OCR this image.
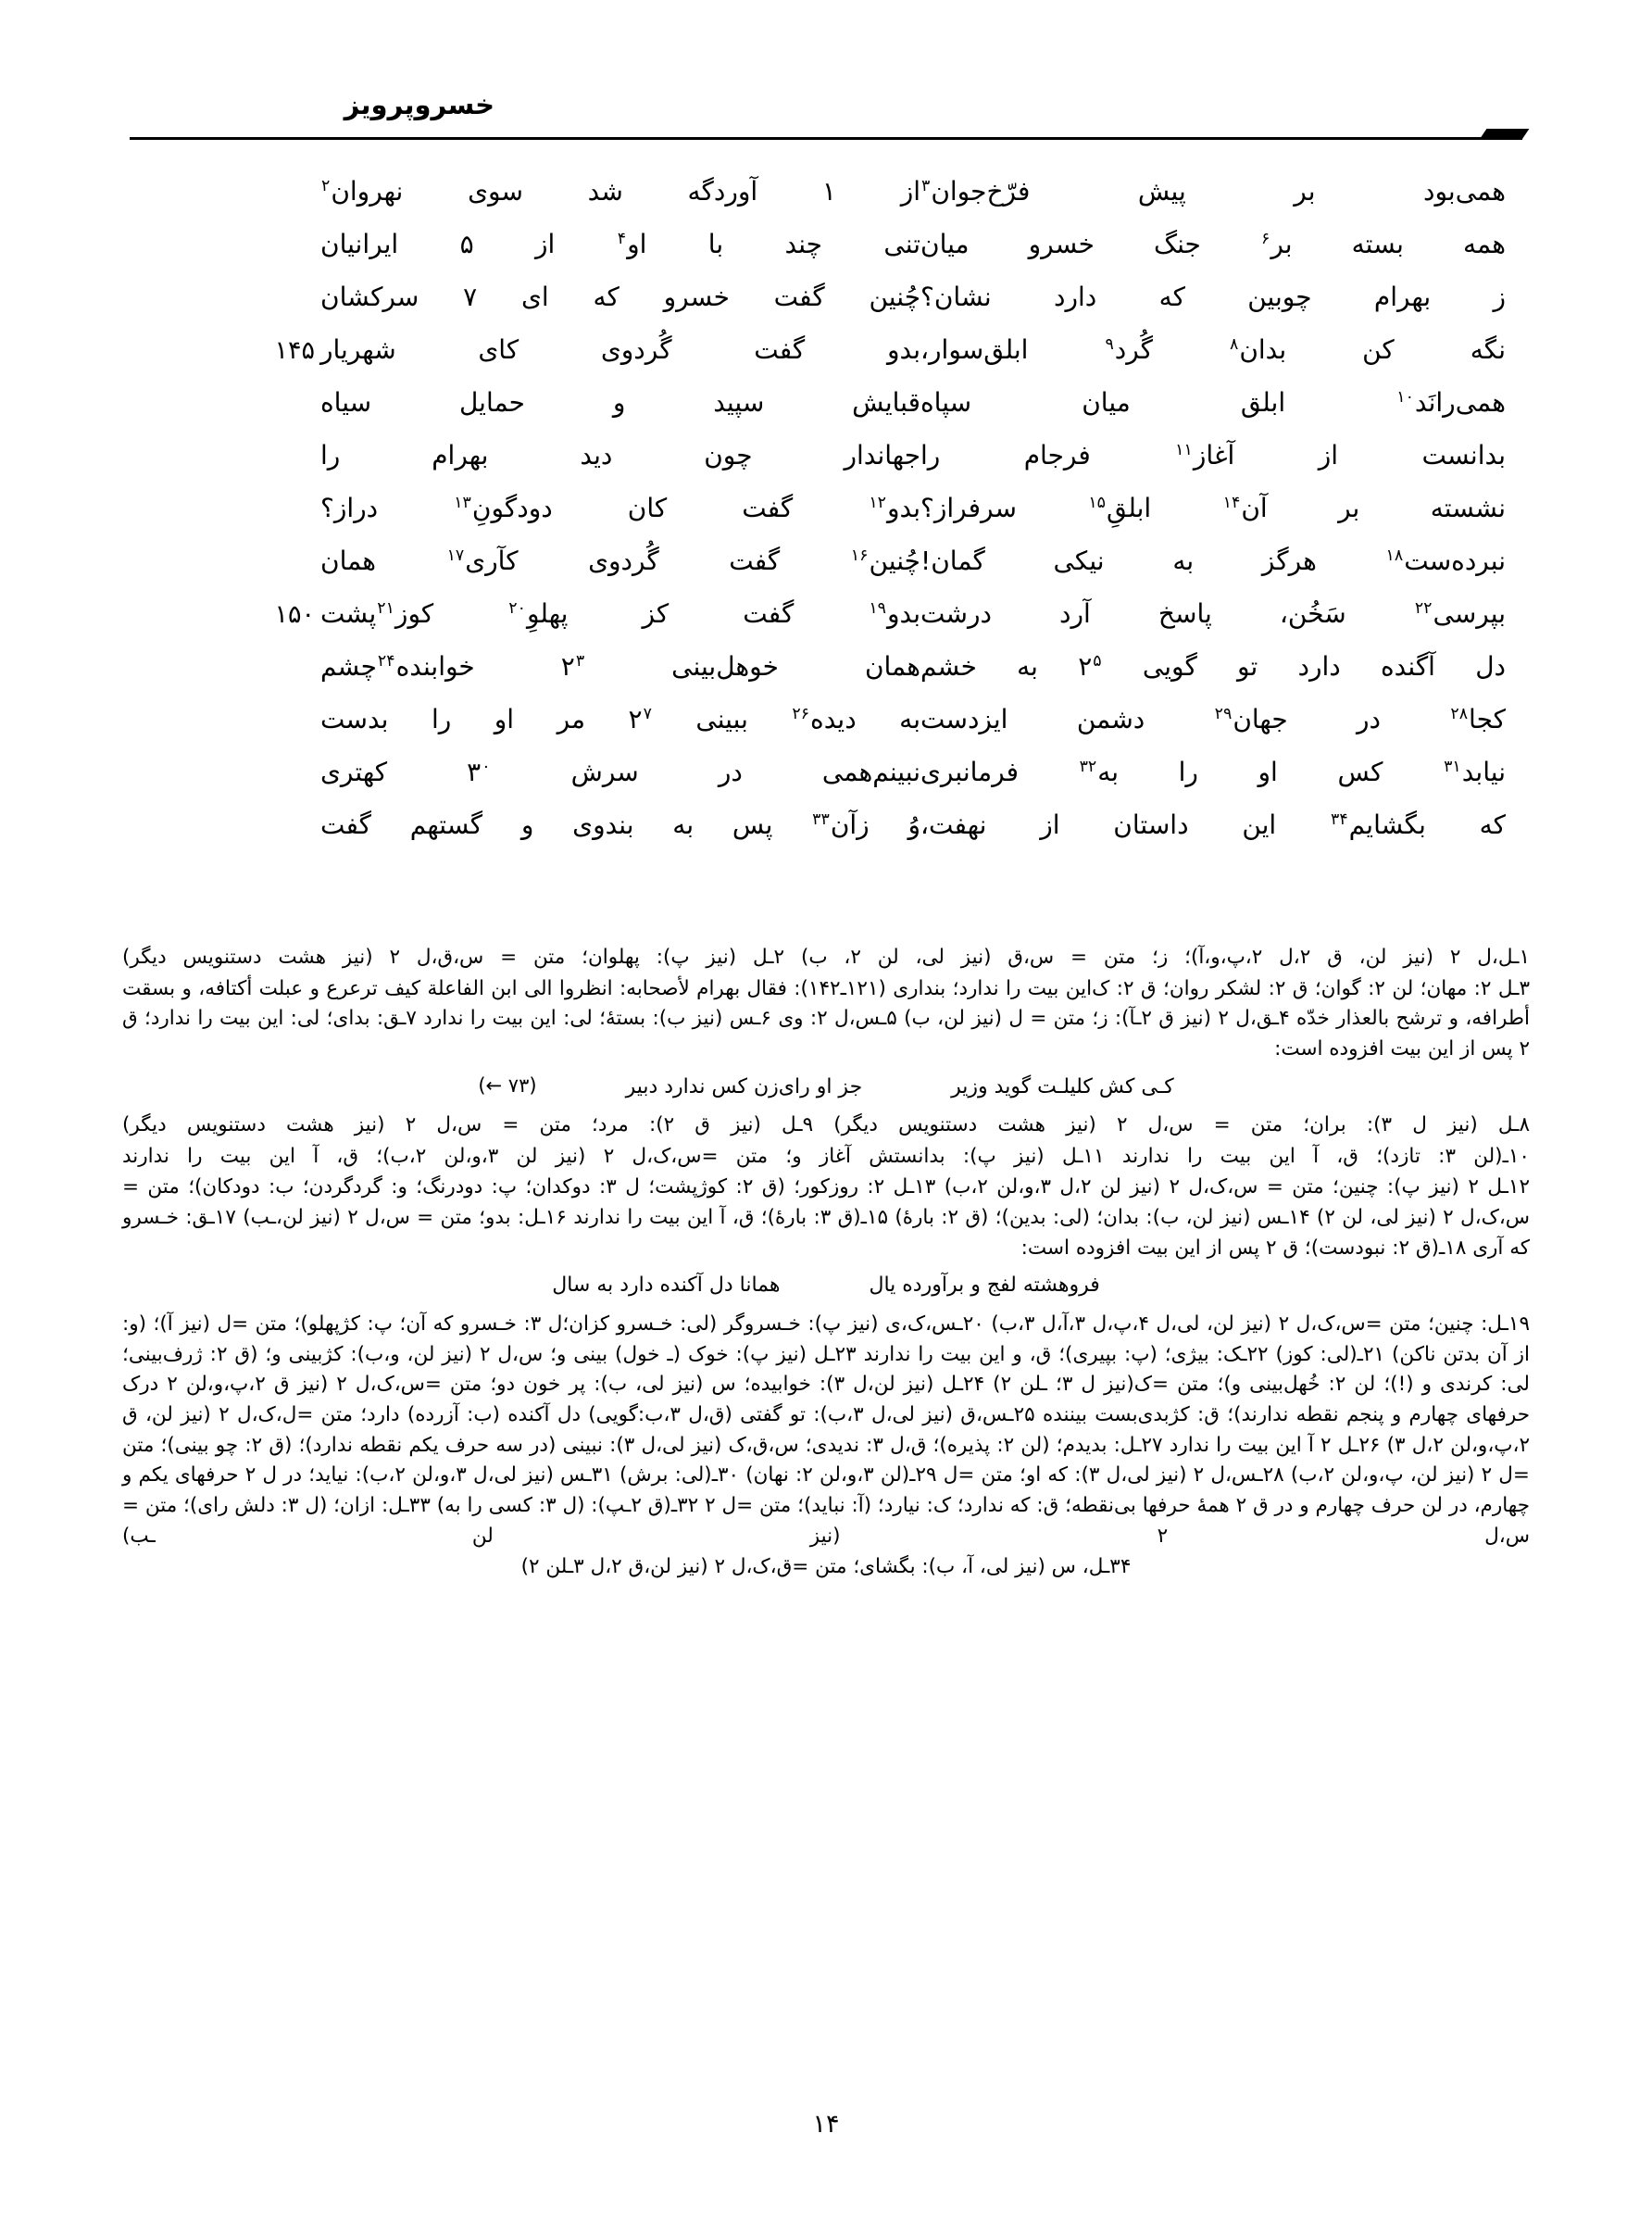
خسروپرویز
همی‌بود بر پیش فرّخ‌جوان$^۳$
از ۱ آوردگه شد سوی نهروان$^۲$
همه بسته بر$^۶$ جنگ خسرو میان
تنی چند با او$^۴$ از ۵ ایرانیان
ز بهرام چوبین که دارد نشان؟
چُنین گفت خسرو که ای ۷ سرکشان
نگه کن بدان$^۸$ گُرد$^۹$ ابلق‌سوار،
بدو گفت گُردوی کای شهریار
۱۴۵
همی‌رانَد$^{۱۰}$ ابلق میان سپاه
قبایش سپید و حمایل سیاه
بدانست از آغاز$^{۱۱}$ فرجام را
جهاندار چون دید بهرام را
نشسته بر آن$^{۱۴}$ ابلقِ$^{۱۵}$ سرفراز؟
بدو$^{۱۲}$ گفت کان دودگونِ$^{۱۳}$ دراز؟
نبرده‌ست$^{۱۸}$ هرگز به نیکی گمان!
چُنین$^{۱۶}$ گفت گُردوی کآری$^{۱۷}$ همان
بپرسی$^{۲۲}$ سَخُن، پاسخ آرد درشت
بدو$^{۱۹}$ گفت کز پهلوِ$^{۲۰}$ کوز$^{۲۱}$پشت
۱۵۰
دل آگنده دارد تو گویی $۲^۵$ به خشم
همان خوهل‌بینی $۲^۳$ خوابنده$^{۲۴}$چشم
کجا$^{۲۸}$ در جهان$^{۲۹}$ دشمن ایزدست
به دیده$^{۲۶}$ ببینی $۲^۷$ مر او را بدست
نیابد$^{۳۱}$ کس او را به$^{۳۲}$ فرمانبری
نبینم‌همی در سرش $۳^۰$ کهتری
که بگشایم$^{۳۴}$ این داستان از نهفت،
وُ زآن$^{۳۳}$ پس به بندوی و گستهم گفت

۱ـل،ل ۲ (نیز لن، ق ۲،ل ۲،پ،و،آ)؛ ز؛ متن = س،ق (نیز لی، لن ۲، ب) ۲ـل (نیز پ): پهلوان؛ متن = س،ق،ل ۲ (نیز هشت دستنویس دیگر)

۳ـل ۲: مهان؛ لن ۲: گوان؛ ق ۲: لشکر روان؛ ق ۲: ک‌این بیت را ندارد؛ بنداری (۱۲۱ـ۱۴۲): فقال بهرام لأصحابه: انظروا الی ابن الفاعلة کیف ترعرع و عبلت أکتافه، و بسقت أطرافه، و ترشح بالعذار خدّه ۴ـق،ل ۲ (نیز ق ۲ـآ): ز؛ متن = ل (نیز لن، ب) ۵ـس،ل ۲: وی ۶ـس (نیز ب): بستهٔ؛ لی: این بیت را ندارد ۷ـق: بدای؛ لی: این بیت را ندارد؛ ق ۲ پس از این بیت افزوده است:

کـی کش کلیلـت گوید وزیر
جز او رای‌زن کس ندارد دبیر
(۷۳ ←)

۸ـل (نیز ل ۳): بران؛ متن = س،ل ۲ (نیز هشت دستنویس دیگر) ۹ـل (نیز ق ۲): مرد؛ متن = س،ل ۲ (نیز هشت دستنویس دیگر)

۱۰ـ(لن ۳: تازد)؛ ق، آ این بیت را ندارند ۱۱ـل (نیز پ): بدانستش آغاز و؛ متن =س،ک،ل ۲ (نیز لن ۳،و،لن ۲،ب)؛ ق، آ این بیت را ندارند

۱۲ـل ۲ (نیز پ): چنین؛ متن = س،ک،ل ۲ (نیز لن ۲،ل ۳،و،لن ۲،ب) ۱۳ـل ۲: روزکور؛ (ق ۲: کوژپشت؛ ل ۳: دوکدان؛ پ: دودرنگ؛ و: گردگردن؛ ب: دودکان)؛ متن = س،ک،ل ۲ (نیز لی، لن ۲) ۱۴ـس (نیز لن، ب): بدان؛ (لی: بدین)؛ (ق ۲: بارهٔ) ۱۵ـ(ق ۳: بارهٔ)؛ ق، آ این بیت را ندارند ۱۶ـل: بدو؛ متن = س،ل ۲ (نیز لن،ـب) ۱۷ـق: خـسرو که آری ۱۸ـ(ق ۲: نبودست)؛ ق ۲ پس از این بیت افزوده است:

فروهشته لفج و برآورده یال
همانا دل آکنده دارد به سال

۱۹ـل: چنین؛ متن =س،ک،ل ۲ (نیز لن، لی،ل ۴،پ،ل ۳،آ،ل ۳،ب) ۲۰ـس،ک،ی (نیز پ): خـسروگر (لی: خـسرو کزان؛ل ۳: خـسرو که آن؛ پ: کژپهلو)؛ متن =ل (نیز آ)؛ (و: از آن بدتن ناکن) ۲۱ـ(لی: کوز) ۲۲ـک: بیژی؛ (پ: بپیری)؛ ق، و این بیت را ندارند ۲۳ـل (نیز پ): خوک (ـ خول) بینی و؛ س،ل ۲ (نیز لن، و،ب): کژبینی و؛ (ق ۲: ژرف‌بینی؛ لی: کرندی و (!)؛ لن ۲: خُهل‌بینی و)؛ متن =ک(نیز ل ۳؛ ـلن ۲) ۲۴ـل (نیز لن،ل ۳): خوابیده؛ س (نیز لی، ب): پر خون دو؛ متن =س،ک،ل ۲ (نیز ق ۲،پ،و،لن ۲ درک حرفهای چهارم و پنجم نقطه ندارند)؛ ق: کژبدی‌بست بیننده ۲۵ـس،ق (نیز لی،ل ۳،ب): تو گفتی (ق،ل ۳،ب:گویی) دل آکنده (ب: آزرده) دارد؛ متن =ل،ک،ل ۲ (نیز لن، ق ۲،پ،و،لن ۲،ل ۳) ۲۶ـل ۲ آ این بیت را ندارد ۲۷ـل: بدیدم؛ (لن ۲: پذیره)؛ ق،ل ۳: ندیدی؛ س،ق،ک (نیز لی،ل ۳): نبینی (در سه حرف یکم نقطه ندارد)؛ (ق ۲: چو بینی)؛ متن =ل ۲ (نیز لن، پ،و،لن ۲،ب) ۲۸ـس،ل ۲ (نیز لی،ل ۳): که او؛ متن =ل ۲۹ـ(لن ۳،و،لن ۲: نهان) ۳۰ـ(لی: برش) ۳۱ـس (نیز لی،ل ۳،و،لن ۲،ب): نیاید؛ در ل ۲ حرفهای یکم و چهارم، در لن حرف چهارم و در ق ۲ همهٔ حرفها بی‌نقطه؛ ق: که ندارد؛ ک: نیارد؛ (آ: نباید)؛ متن =ل ۲ ۳۲ـ(ق ۲ـپ): (ل ۳: کسی را به) ۳۳ـل: ازان؛ (ل ۳: دلش رای)؛ متن = س،ل ۲ (نیز لن ـب)

۳۴ـل، س (نیز لی، آ، ب): بگشای؛ متن =ق،ک،ل ۲ (نیز لن،ق ۲،ل ۳ـلن ۲)

۱۴
